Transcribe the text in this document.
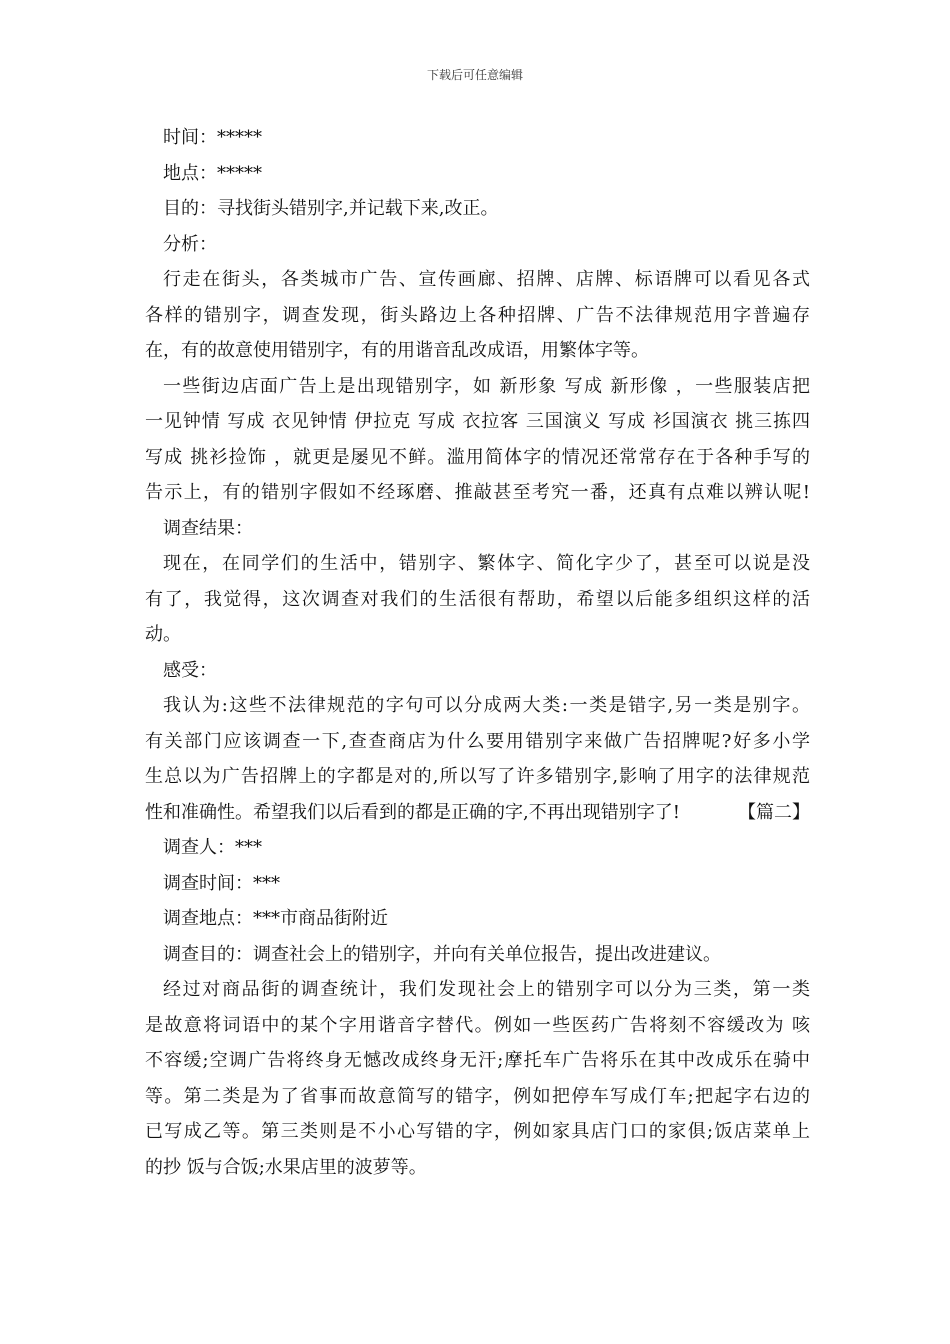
下载后可任意编辑
时间：*****
地点：*****
目的：寻找街头错别字,并记载下来,改正。
分析：
行走在街头，各类城市广告、宣传画廊、招牌、店牌、标语牌可以看见各式
各样的错别字，调查发现，街头路边上各种招牌、广告不法律规范用字普遍存
在，有的故意使用错别字，有的用谐音乱改成语，用繁体字等。
一些街边店面广告上是出现错别字，如 新形象 写成 新形像 ，一些服装店把
一见钟情 写成 衣见钟情 伊拉克 写成 衣拉客 三国演义 写成 衫国演衣 挑三拣四
写成 挑衫捡饰 ，就更是屡见不鲜。滥用简体字的情况还常常存在于各种手写的
告示上，有的错别字假如不经琢磨、推敲甚至考究一番，还真有点难以辨认呢!
调查结果：
现在，在同学们的生活中，错别字、繁体字、简化字少了，甚至可以说是没
有了，我觉得，这次调查对我们的生活很有帮助，希望以后能多组织这样的活
动。
感受：
我认为:这些不法律规范的字句可以分成两大类:一类是错字,另一类是别字。
有关部门应该调查一下,查查商店为什么要用错别字来做广告招牌呢?好多小学
生总以为广告招牌上的字都是对的,所以写了许多错别字,影响了用字的法律规范
性和准确性。希望我们以后看到的都是正确的字,不再出现错别字了!	【篇二】
调查人：***
调查时间：***
调查地点：***市商品街附近
调查目的：调查社会上的错别字，并向有关单位报告，提出改进建议。
经过对商品街的调查统计，我们发现社会上的错别字可以分为三类，第一类
是故意将词语中的某个字用谐音字替代。例如一些医药广告将刻不容缓改为 咳
不容缓;空调广告将终身无憾改成终身无汗;摩托车广告将乐在其中改成乐在骑中
等。第二类是为了省事而故意简写的错字，例如把停车写成仃车;把起字右边的
已写成乙等。第三类则是不小心写错的字，例如家具店门口的家俱;饭店菜单上
的抄 饭与合饭;水果店里的波萝等。
